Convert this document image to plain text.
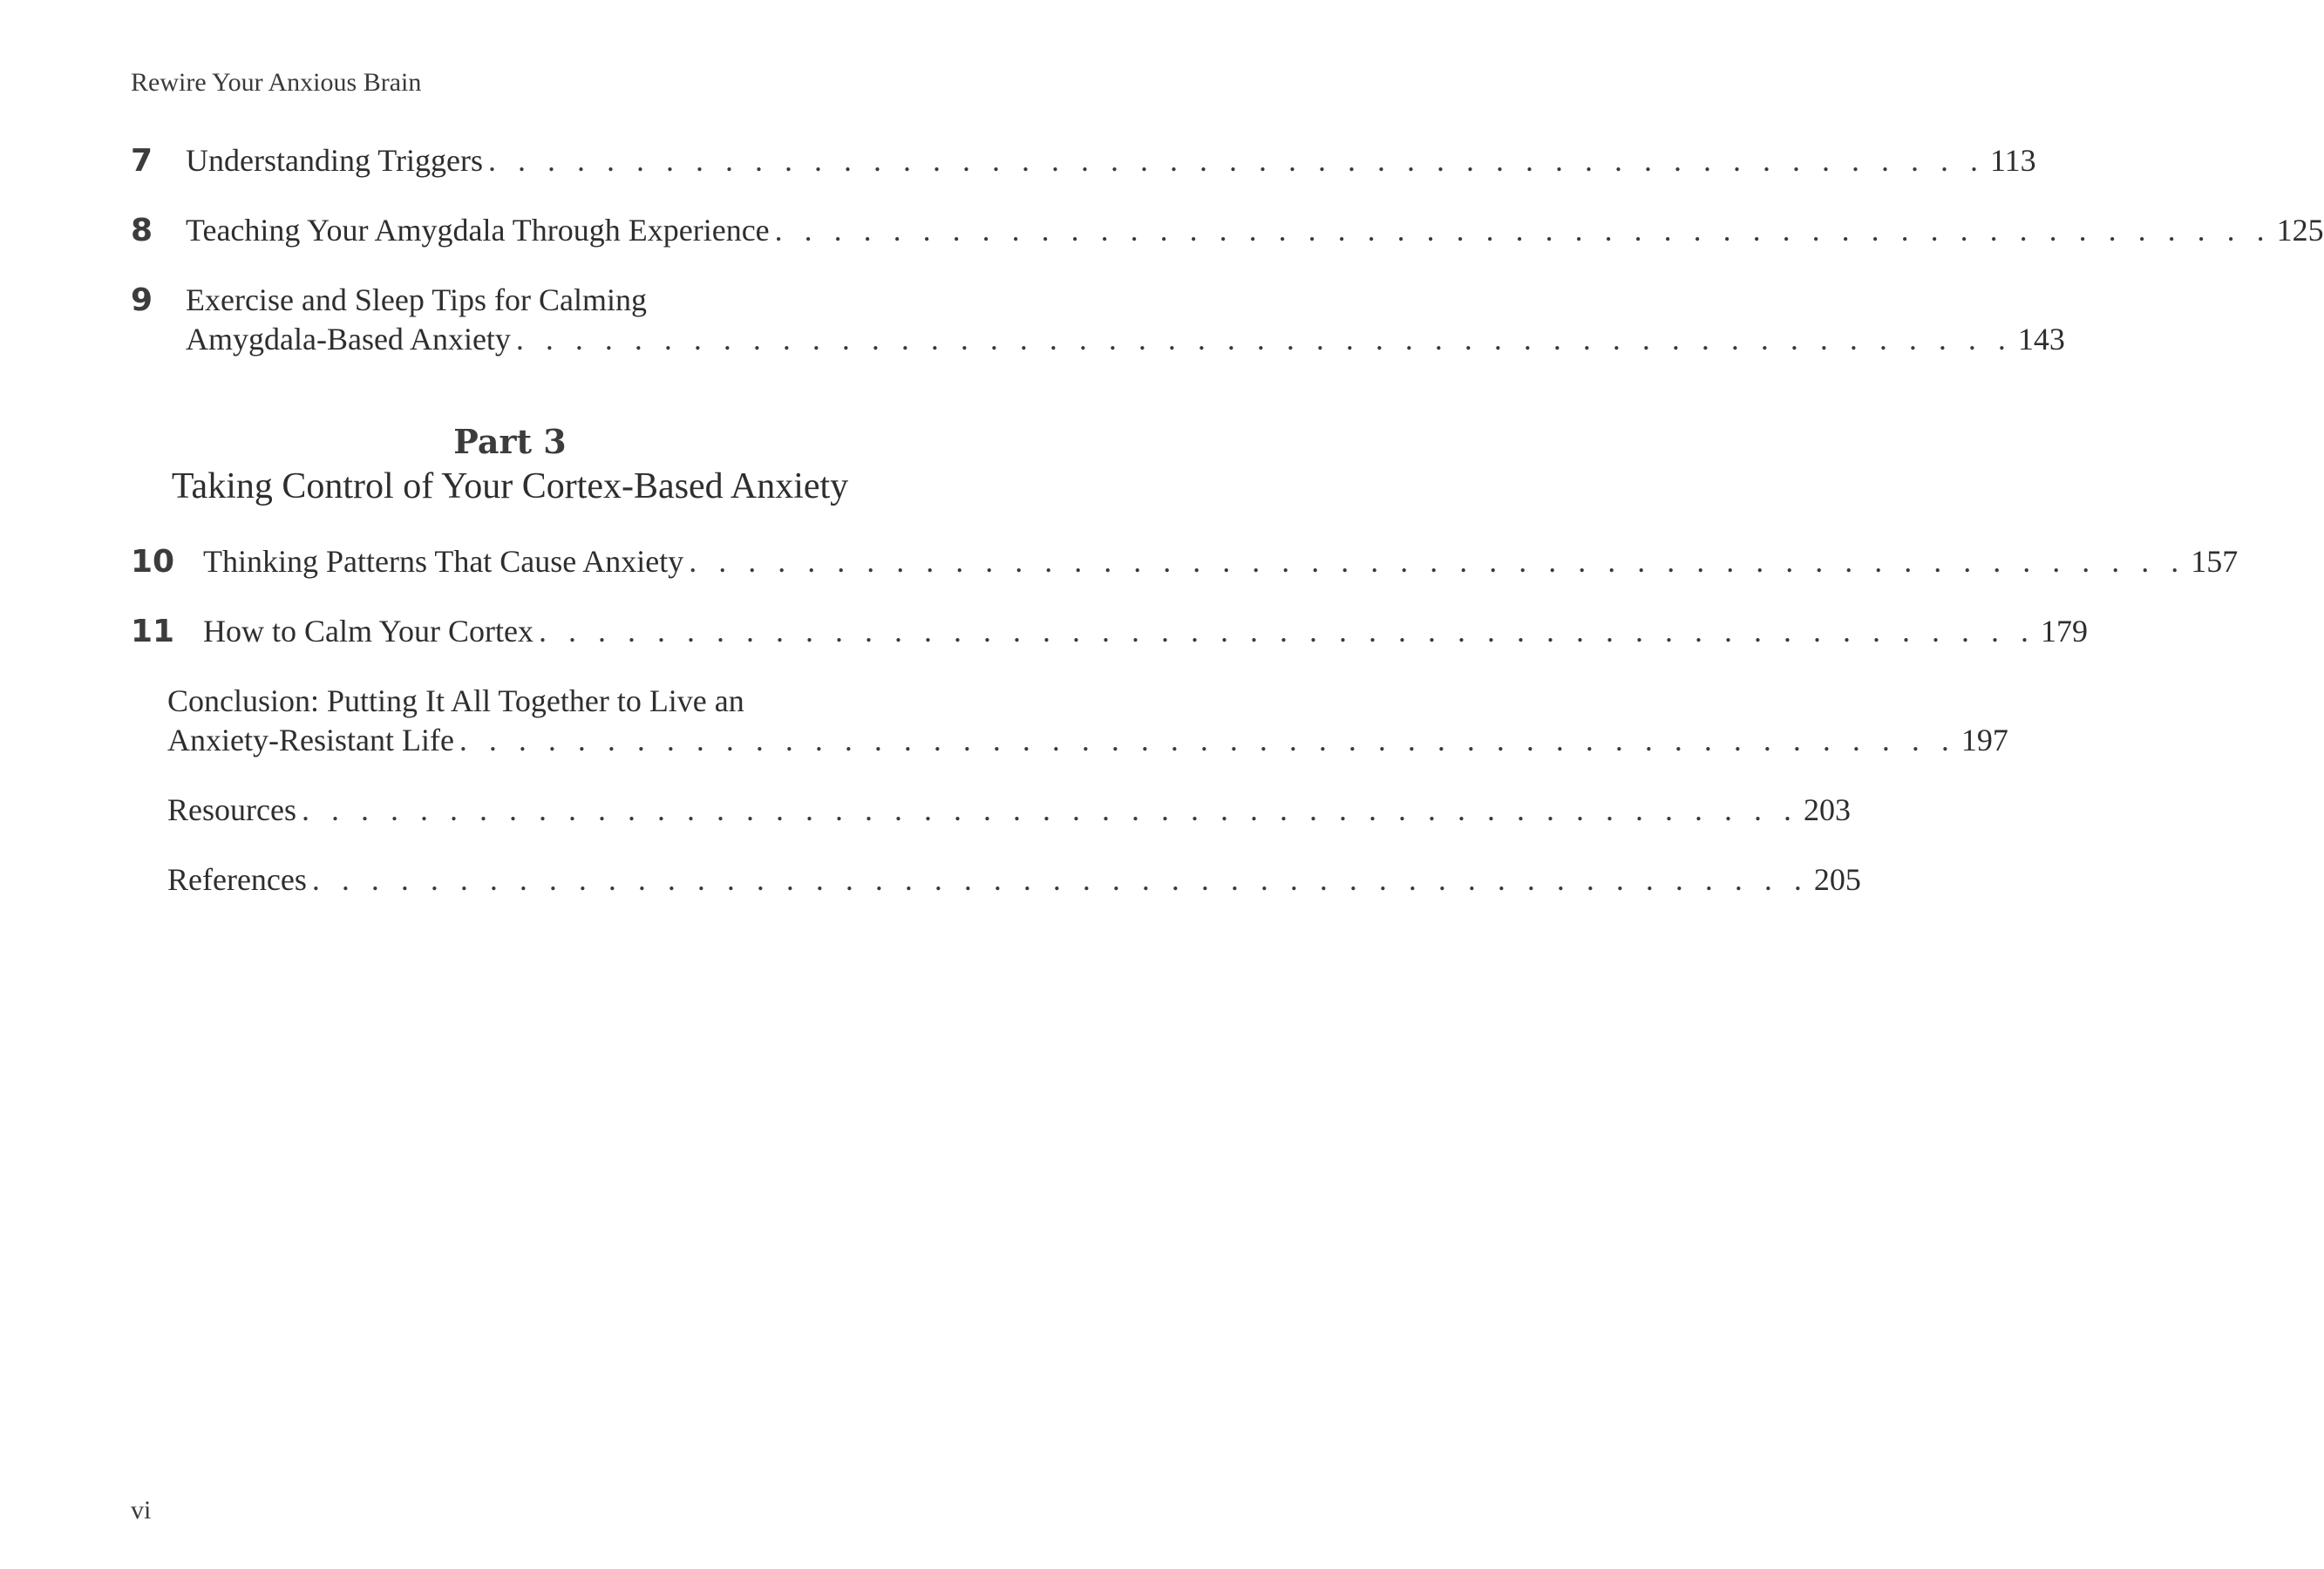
Rewire Your Anxious Brain
7 Understanding Triggers . . . . . . . . . . . . . . . . . . . . . . . . . . . . . . . . . . . . . . . . . . . . . . . . . . . 113
8 Teaching Your Amygdala Through Experience . . . . . . . . . . . . . . . . . . . . . . . . . . . . . . . . . . . . . . . . . . . . . . . . . . . 125
9 Exercise and Sleep Tips for Calming
Amygdala-Based Anxiety . . . . . . . . . . . . . . . . . . . . . . . . . . . . . . . . . . . . . . . . . . . . . . . . . . . 143
Part 3
Taking Control of Your Cortex-Based Anxiety
10 Thinking Patterns That Cause Anxiety . . . . . . . . . . . . . . . . . . . . . . . . . . . . . . . . . . . . . . . . . . . . . . . . . . . 157
11 How to Calm Your Cortex . . . . . . . . . . . . . . . . . . . . . . . . . . . . . . . . . . . . . . . . . . . . . . . . . . . 179
Conclusion: Putting It All Together to Live an
Anxiety-Resistant Life . . . . . . . . . . . . . . . . . . . . . . . . . . . . . . . . . . . . . . . . . . . . . . . . . . . 197
Resources . . . . . . . . . . . . . . . . . . . . . . . . . . . . . . . . . . . . . . . . . . . . . . . . . . . 203
References . . . . . . . . . . . . . . . . . . . . . . . . . . . . . . . . . . . . . . . . . . . . . . . . . . . 205
vi
